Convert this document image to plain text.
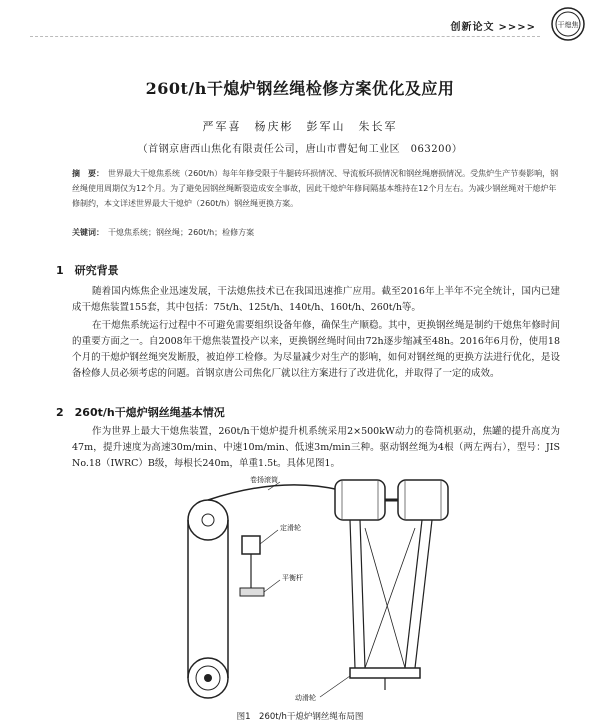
创新论文 >>>>	干熄焦
260t/h干熄炉钢丝绳检修方案优化及应用
严军喜　杨庆彬　彭军山　朱长军
（首钢京唐西山焦化有限责任公司，唐山市曹妃甸工业区　063200）
摘　要： 世界最大干熄焦系统（260t/h）每年年修受限于牛腿砖环损情况、导流板环损情况和钢丝绳磨损情况。受焦炉生产节奏影响，钢丝绳使用周期仅为12个月。为了避免因钢丝绳断裂造成安全事故，因此干熄炉年修间隔基本维持在12个月左右。为减少钢丝绳对干熄炉年修制约，本文详述世界最大干熄炉（260t/h）钢丝绳更换方案。
关键词： 干熄焦系统；钢丝绳；260t/h；检修方案
1　研究背景
随着国内炼焦企业迅速发展，干法熄焦技术已在我国迅速推广应用。截至2016年上半年不完全统计，国内已建成干熄焦装置155套，其中包括：75t/h、125t/h、140t/h、160t/h、260t/h等。
在干熄焦系统运行过程中不可避免需要组织设备年修，确保生产顺稳。其中，更换钢丝绳是制约干熄焦年修时间的重要方面之一。自2008年干熄焦装置投产以来，更换钢丝绳时间由72h逐步缩减至48h。2016年6月份，使用18个月的干熄炉钢丝绳突发断股，被迫停工检修。为尽量减少对生产的影响，如何对钢丝绳的更换方法进行优化，是设备检修人员必须考虑的问题。首钢京唐公司焦化厂就以往方案进行了改进优化，并取得了一定的成效。
2　260t/h干熄炉钢丝绳基本情况
作为世界上最大干熄焦装置，260t/h干熄炉提升机系统采用2×500kW动力的卷筒机驱动，焦罐的提升高度为47m，提升速度为高速30m/min、中速10m/min、低速3m/min三种。驱动钢丝绳为4根（两左两右），型号：JIS No.18（IWRC）B级，每根长240m，单重1.5t。具体见图1。
卷扬滚筒
定滑轮
平衡杆
动滑轮
图1　260t/h干熄炉钢丝绳布局图
